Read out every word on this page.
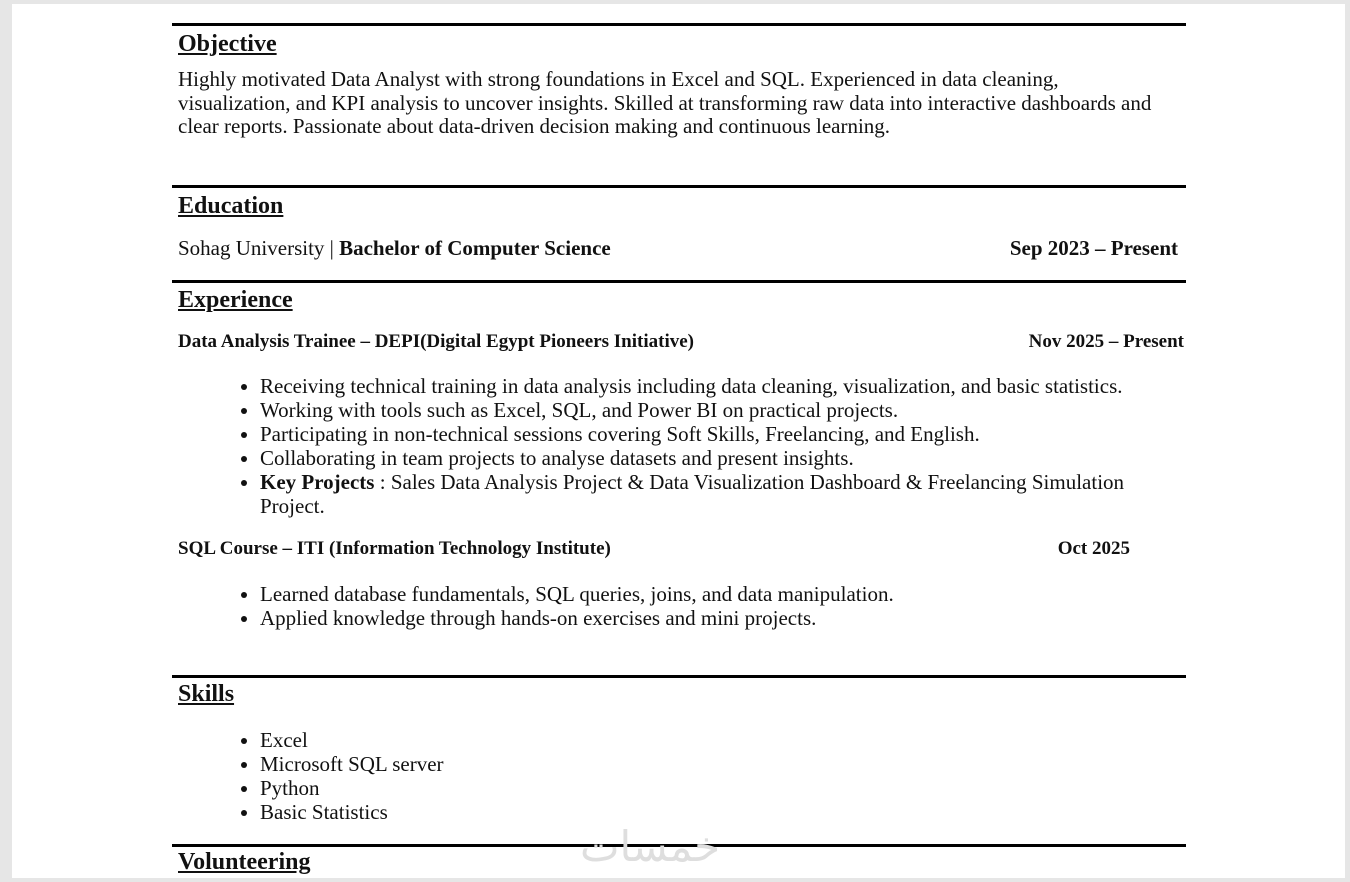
Objective

Highly motivated Data Analyst with strong foundations in Excel and SQL. Experienced in data cleaning, visualization, and KPI analysis to uncover insights. Skilled at transforming raw data into interactive dashboards and clear reports. Passionate about data-driven decision making and continuous learning.

Education
Sohag University | Bachelor of Computer Science	Sep 2023 – Present
Experience
Data Analysis Trainee – DEPI(Digital Egypt Pioneers Initiative)	Nov 2025 – Present
• Receiving technical training in data analysis including data cleaning, visualization, and basic statistics.
• Working with tools such as Excel, SQL, and Power BI on practical projects.
• Participating in non-technical sessions covering Soft Skills, Freelancing, and English.
• Collaborating in team projects to analyse datasets and present insights.
• Key Projects : Sales Data Analysis Project & Data Visualization Dashboard & Freelancing Simulation Project.
SQL Course – ITI (Information Technology Institute)	Oct 2025
• Learned database fundamentals, SQL queries, joins, and data manipulation.
• Applied knowledge through hands-on exercises and mini projects.
Skills
• Excel
• Microsoft SQL server
• Python
• Basic Statistics
Volunteering	خمسات
